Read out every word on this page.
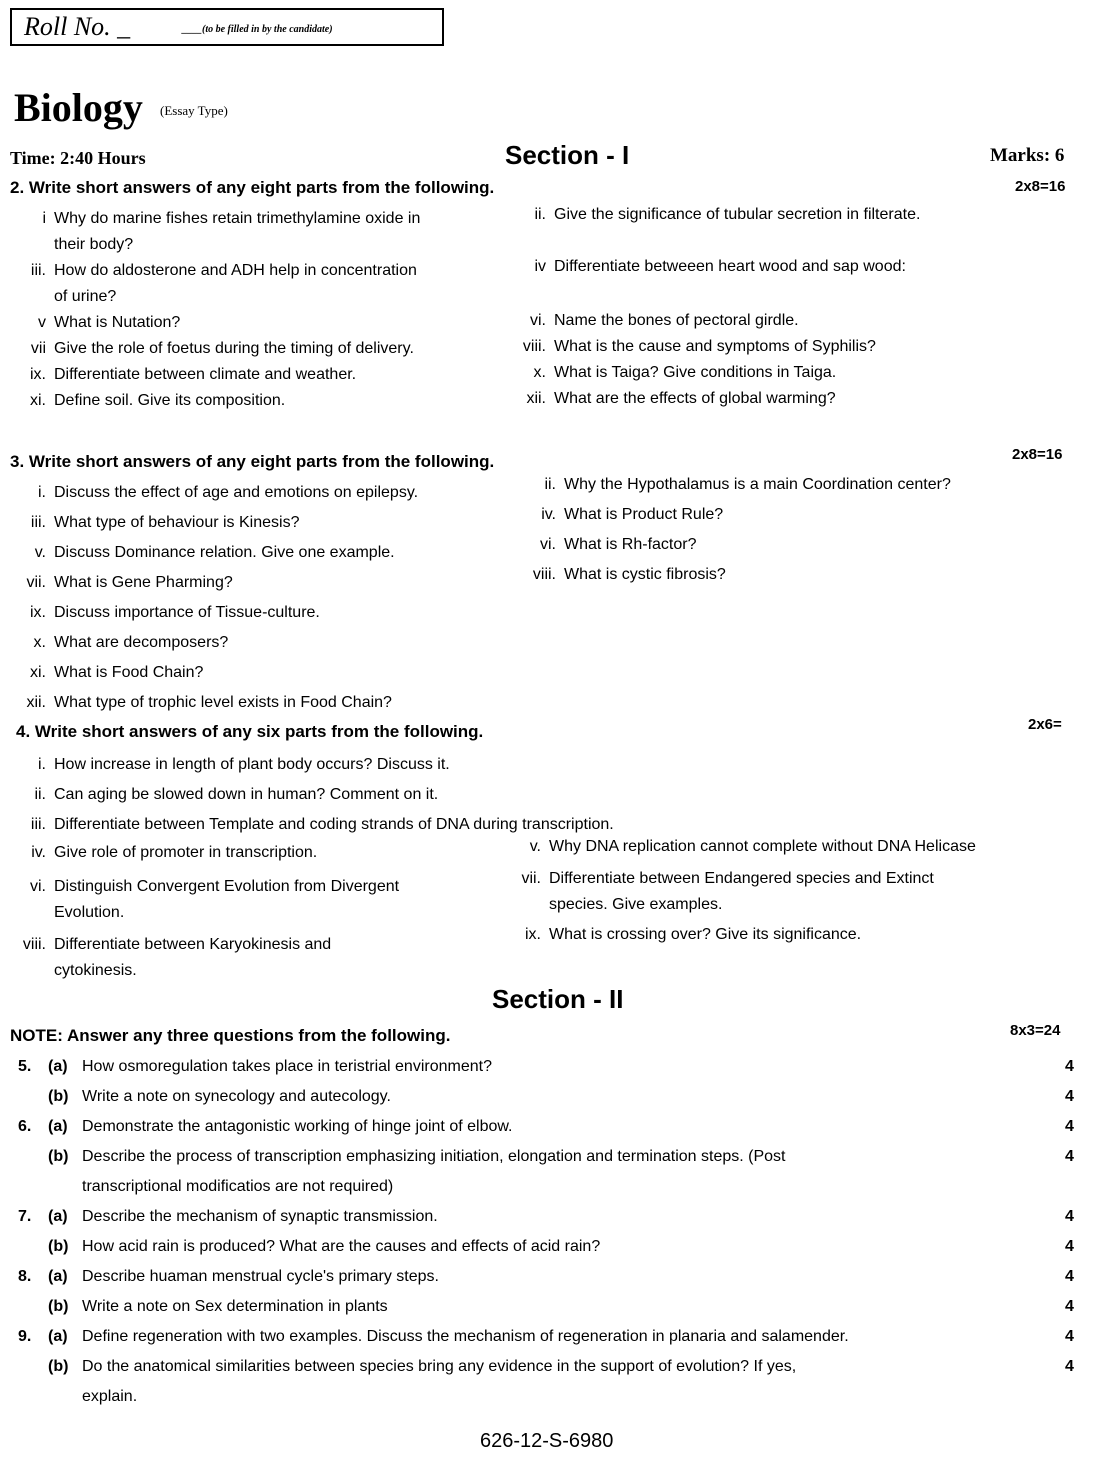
Roll No. _	____(to be filled in by the candidate)
Biology (Essay Type)
Time: 2:40 Hours	Section - I	Marks: 6
2. Write short answers of any eight parts from the following.	2x8=16
i Why do marine fishes retain trimethylamine oxide in
their body?
iii. How do aldosterone and ADH help in concentration
of urine?
v What is Nutation?
vii Give the role of foetus during the timing of delivery.
ix. Differentiate between climate and weather.
xi. Define soil. Give its composition.
ii. Give the significance of tubular secretion in filterate.
iv Differentiate betweeen heart wood and sap wood:
vi. Name the bones of pectoral girdle.
viii. What is the cause and symptoms of Syphilis?
x. What is Taiga? Give conditions in Taiga.
xii. What are the effects of global warming?
3. Write short answers of any eight parts from the following.	2x8=16
i. Discuss the effect of age and emotions on epilepsy.
iii. What type of behaviour is Kinesis?
v. Discuss Dominance relation. Give one example.
vii. What is Gene Pharming?
ix. Discuss importance of Tissue-culture.
x. What are decomposers?
xi. What is Food Chain?
xii. What type of trophic level exists in Food Chain?
ii. Why the Hypothalamus is a main Coordination center?
iv. What is Product Rule?
vi. What is Rh-factor?
viii. What is cystic fibrosis?
4. Write short answers of any six parts from the following.	2x6=
i. How increase in length of plant body occurs? Discuss it.
ii. Can aging be slowed down in human? Comment on it.
iii. Differentiate between Template and coding strands of DNA during transcription.
iv. Give role of promoter in transcription.
vi. Distinguish Convergent Evolution from Divergent
Evolution.
viii. Differentiate between Karyokinesis and
cytokinesis.
v. Why DNA replication cannot complete without DNA Helicase
vii. Differentiate between Endangered species and Extinct
species. Give examples.
ix. What is crossing over? Give its significance.
Section - II
NOTE: Answer any three questions from the following.	8x3=24
5. (a) How osmoregulation takes place in teristrial environment?	4
(b) Write a note on synecology and autecology.	4
6. (a) Demonstrate the antagonistic working of hinge joint of elbow.	4
(b) Describe the process of transcription emphasizing initiation, elongation and termination steps. (Post	4
transcriptional modificatios are not required)
7. (a) Describe the mechanism of synaptic transmission.	4
(b) How acid rain is produced? What are the causes and effects of acid rain?	4
8. (a) Describe huaman menstrual cycle's primary steps.	4
(b) Write a note on Sex determination in plants	4
9. (a) Define regeneration with two examples. Discuss the mechanism of regeneration in planaria and salamender.	4
(b) Do the anatomical similarities between species bring any evidence in the support of evolution? If yes,	4
explain.
626-12-S-6980
